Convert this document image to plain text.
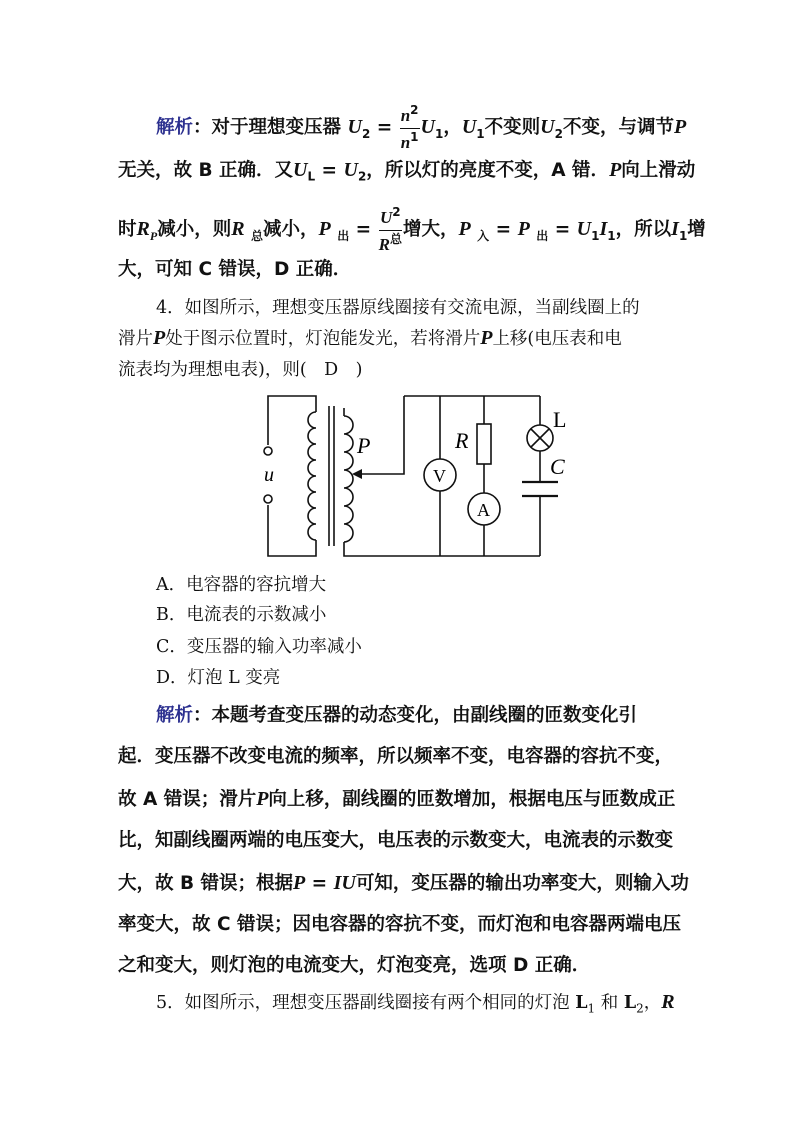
解析：对于理想变压器 $U_2 = \frac{n^2}{n^1} U_1$，$U_1$不变则$U_2$不变，与调节P
无关，故 B 正确．又$U_L = U_2$，所以灯的亮度不变，A 错．P向上滑动
时$R_P$减小，则R $_总$减小，P $_出 = \frac{U^2}{R^总}$ 增大，P $_入$ = P $_出 = U_1I_1$，所以$I_1$增
大，可知 C 错误，D 正确．
4．如图所示，理想变压器原线圈接有交流电源，当副线圈上的
滑片P处于图示位置时，灯泡能发光，若将滑片P上移(电压表和电
流表均为理想电表)，则(　D　)
u
P	R
L
C
V
A
A．电容器的容抗增大
B．电流表的示数减小
C．变压器的输入功率减小
D．灯泡 L 变亮
解析：本题考查变压器的动态变化，由副线圈的匝数变化引
起．变压器不改变电流的频率，所以频率不变，电容器的容抗不变，
故 A 错误；滑片P向上移，副线圈的匝数增加，根据电压与匝数成正
比，知副线圈两端的电压变大，电压表的示数变大，电流表的示数变
大，故 B 错误；根据P = IU可知，变压器的输出功率变大，则输入功
率变大，故 C 错误；因电容器的容抗不变，而灯泡和电容器两端电压
之和变大，则灯泡的电流变大，灯泡变亮，选项 D 正确．
5．如图所示，理想变压器副线圈接有两个相同的灯泡 $L_1$ 和 $L_2$，R
